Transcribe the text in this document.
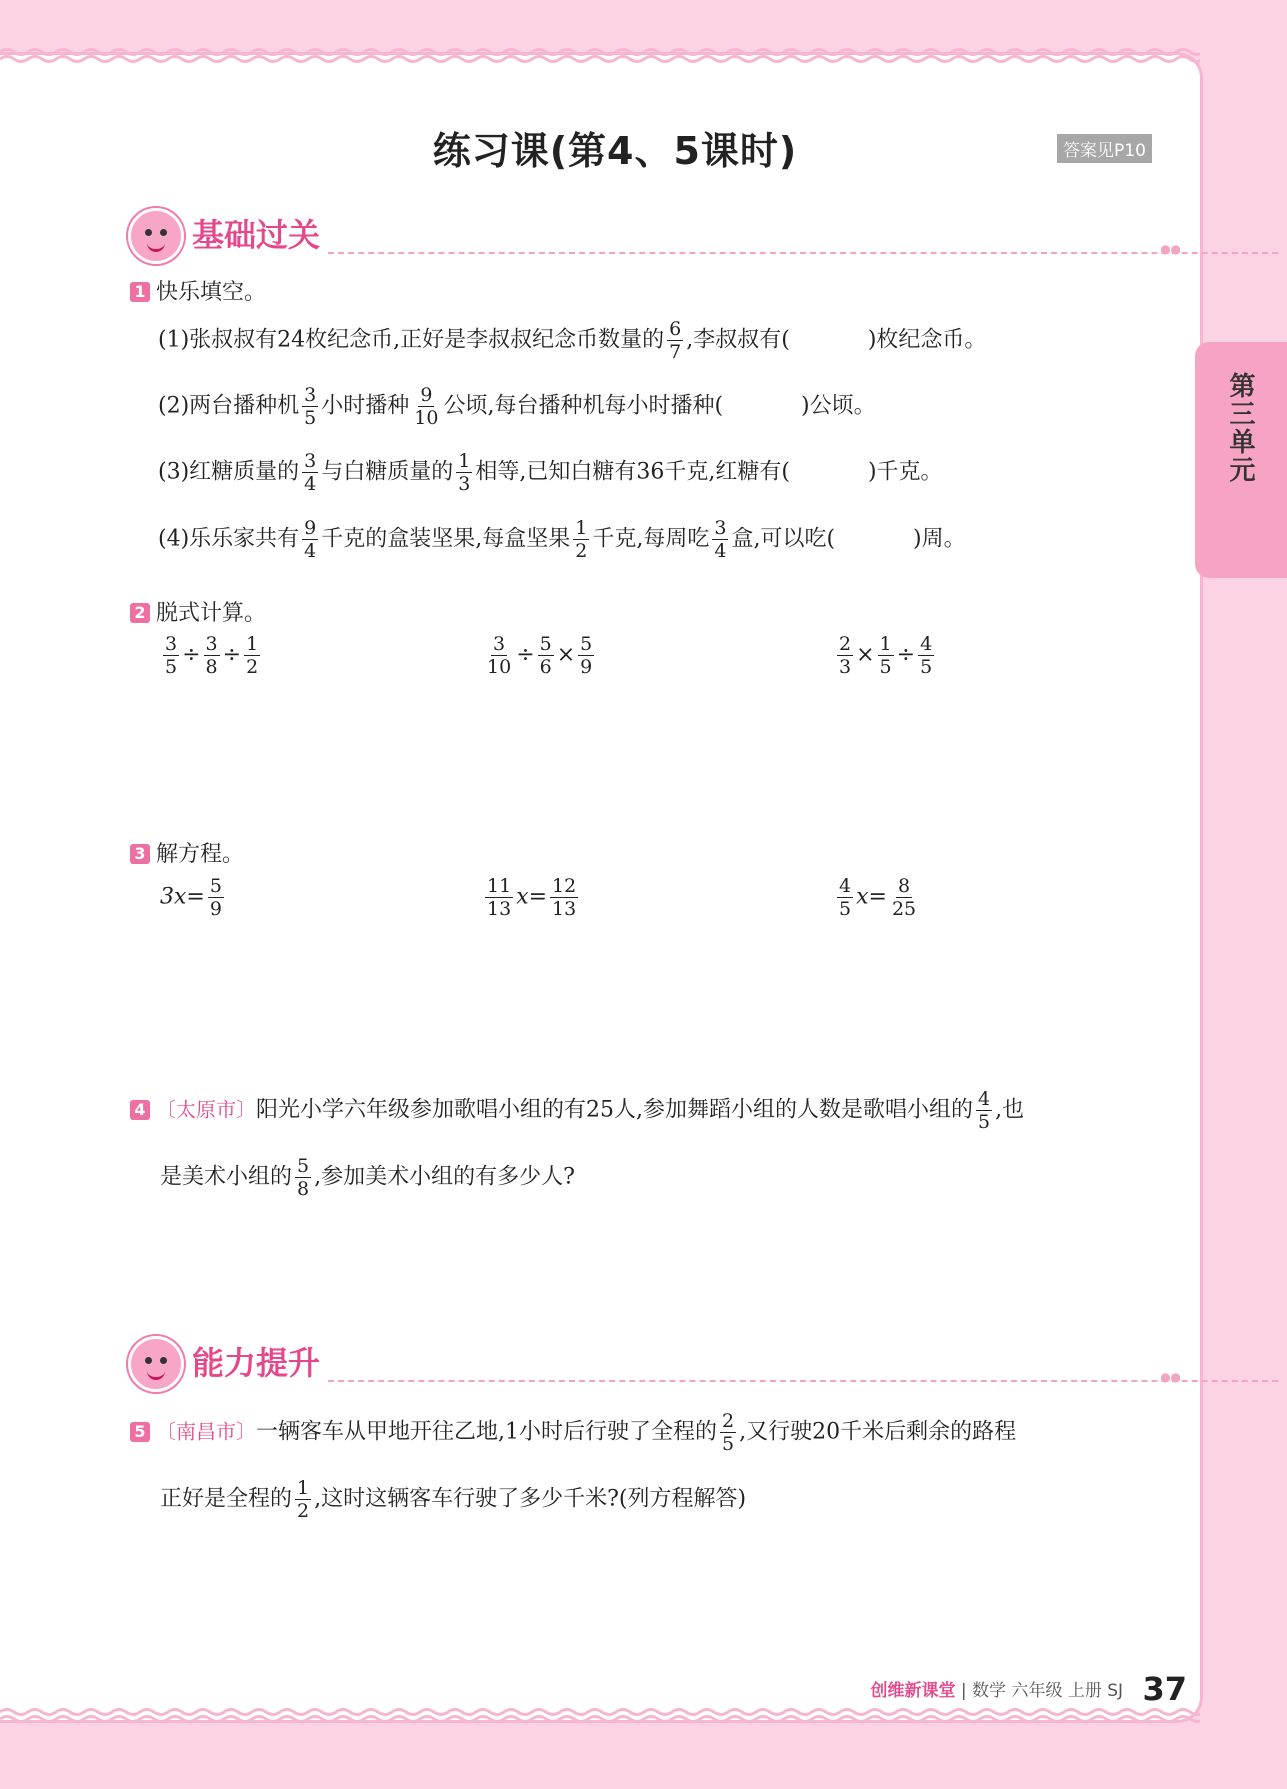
练习课(第4、5课时)	答案见P10
第三单元
基础过关	● ●
1 快乐填空。
(1)张叔叔有24枚纪念币,正好是李叔叔纪念币数量的 $\frac{6}{7}$ ,李叔叔有(	)枚纪念币。
(2)两台播种机 $\frac{3}{5}$ 小时播种 $\frac{9}{10}$ 公顷,每台播种机每小时播种(	)公顷。
(3)红糖质量的 $\frac{3}{4}$ 与白糖质量的 $\frac{1}{3}$ 相等,已知白糖有36千克,红糖有(	)千克。
(4)乐乐家共有 $\frac{9}{4}$ 千克的盒装坚果,每盒坚果 $\frac{1}{2}$ 千克,每周吃 $\frac{3}{4}$ 盒,可以吃(	)周。
2 脱式计算。
$\frac{3}{5} \div \frac{3}{8} \div \frac{1}{2}$	$\frac{3}{10} \div \frac{5}{6} \times \frac{5}{9}$	$\frac{2}{3} \times \frac{1}{5} \div \frac{4}{5}$
3 解方程。
$3x= \frac{5}{9}$	$\frac{11}{13} x= \frac{12}{13}$	$\frac{4}{5} x= \frac{8}{25}$
4 〔太原市〕阳光小学六年级参加歌唱小组的有25人,参加舞蹈小组的人数是歌唱小组的 $\frac{4}{5}$ ,也
是美术小组的 $\frac{5}{8}$ ,参加美术小组的有多少人?
能力提升	● ●
5 〔南昌市〕一辆客车从甲地开往乙地,1小时后行驶了全程的 $\frac{2}{5}$ ,又行驶20千米后剩余的路程
正好是全程的 $\frac{1}{2}$ ,这时这辆客车行驶了多少千米?(列方程解答)
创维新课堂 | 数学 六年级 上册 SJ 37
